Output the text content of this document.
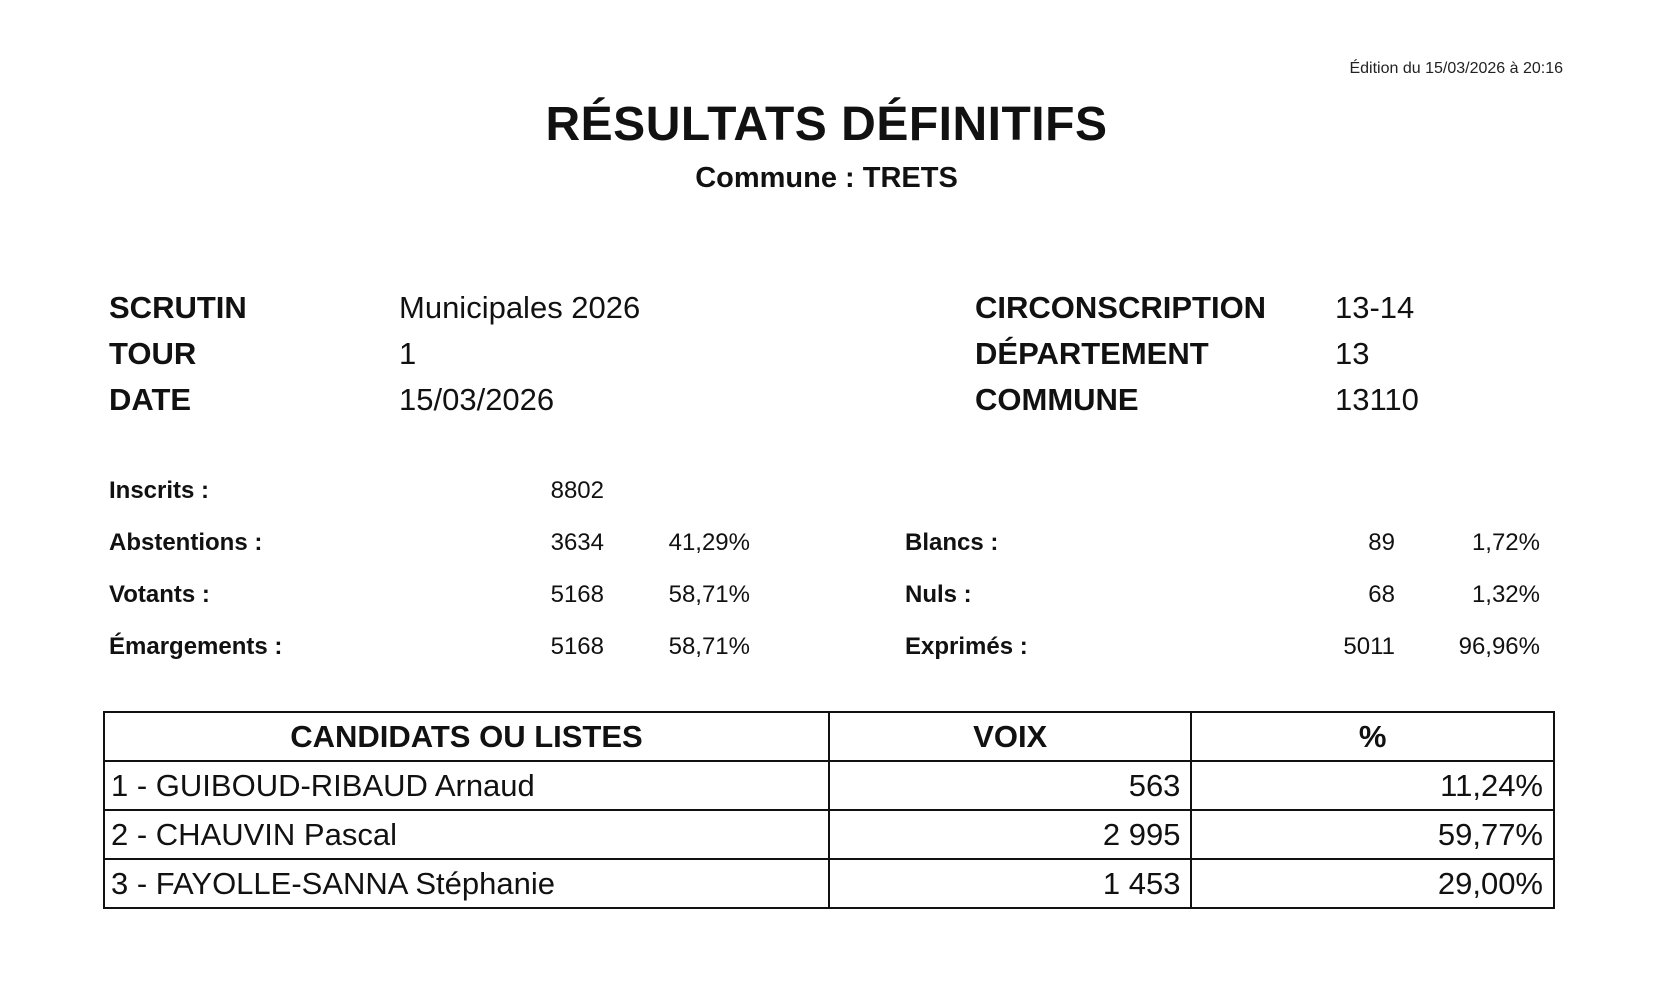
Édition du 15/03/2026 à 20:16
RÉSULTATS DÉFINITIFS
Commune : TRETS
SCRUTIN	Municipales 2026
TOUR	1
DATE	15/03/2026
CIRCONSCRIPTION	13-14
DÉPARTEMENT	13
COMMUNE	13110
Inscrits :	8802
Abstentions :	3634	41,29%
Votants :	5168	58,71%
Émargements :	5168	58,71%
Blancs :	89	1,72%
Nuls :	68	1,32%
Exprimés :	5011	96,96%
CANDIDATS OU LISTES	VOIX	%
1 - GUIBOUD-RIBAUD Arnaud	563	11,24%
2 - CHAUVIN Pascal	2 995	59,77%
3 - FAYOLLE-SANNA Stéphanie	1 453	29,00%
